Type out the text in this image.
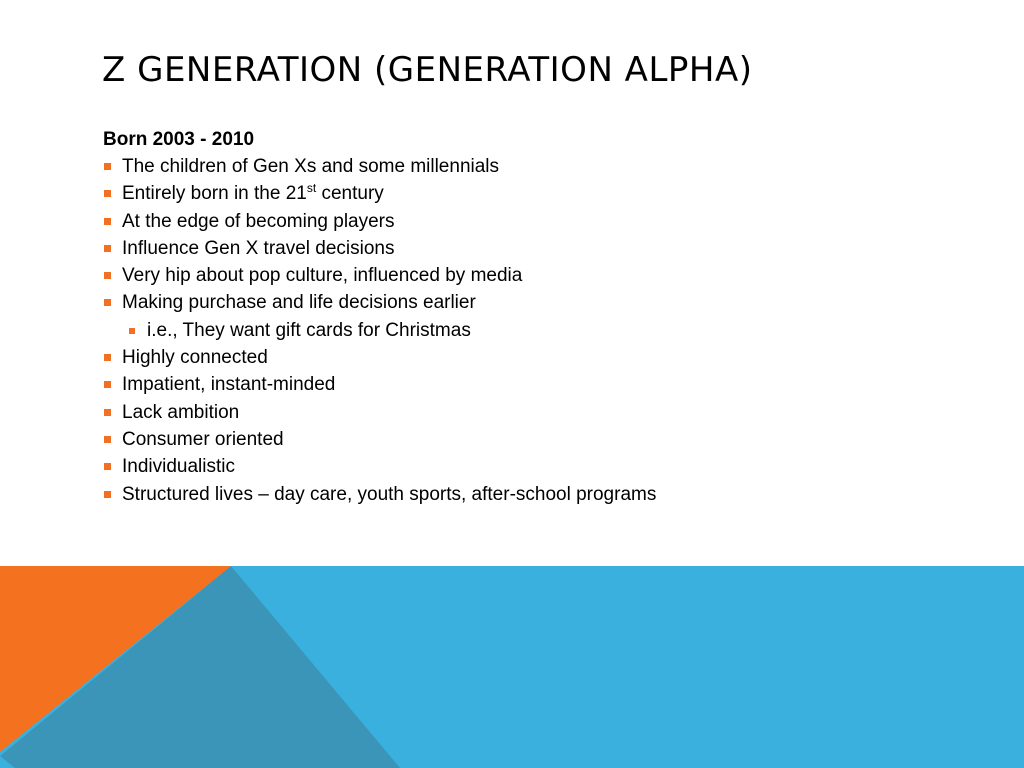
Z GENERATION (GENERATION ALPHA)

Born 2003 - 2010

The children of Gen Xs and some millennials
Entirely born in the 21st century
At the edge of becoming players
Influence Gen X travel decisions
Very hip about pop culture, influenced by media
Making purchase and life decisions earlier
i.e., They want gift cards for Christmas
Highly connected
Impatient, instant-minded
Lack ambition
Consumer oriented
Individualistic
Structured lives – day care, youth sports, after-school programs
